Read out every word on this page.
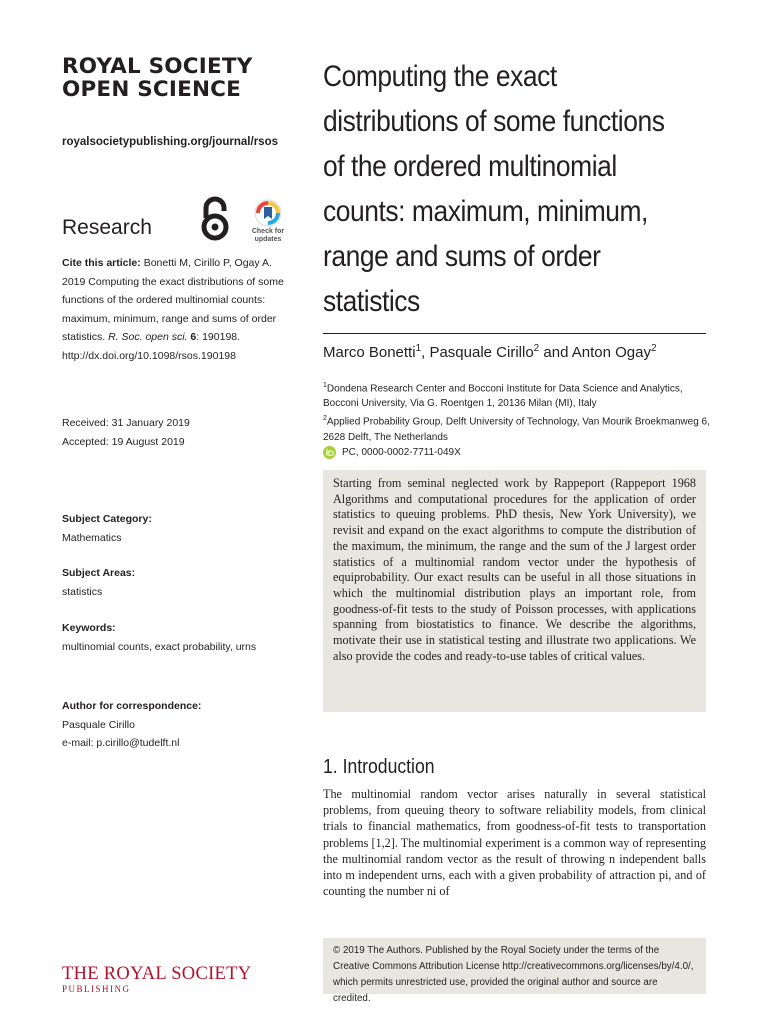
ROYAL SOCIETY
OPEN SCIENCE
royalsocietypublishing.org/journal/rsos
Research	Check for
updates
Cite this article: Bonetti M, Cirillo P, Ogay A. 2019 Computing the exact distributions of some functions of the ordered multinomial counts: maximum, minimum, range and sums of order statistics. R. Soc. open sci. 6: 190198. http://dx.doi.org/10.1098/rsos.190198
Received: 31 January 2019
Accepted: 19 August 2019
Subject Category:
Mathematics
Subject Areas:
statistics
Keywords:
multinomial counts, exact probability, urns
Author for correspondence:
Pasquale Cirillo
e-mail: p.cirillo@tudelft.nl
Computing the exact distributions of some functions of the ordered multinomial counts: maximum, minimum, range and sums of order statistics
Marco Bonetti$^1$, Pasquale Cirillo$^2$ and Anton Ogay$^2$
$^1$Dondena Research Center and Bocconi Institute for Data Science and Analytics, Bocconi University, Via G. Roentgen 1, 20136 Milan (MI), Italy
$^2$Applied Probability Group, Delft University of Technology, Van Mourik Broekmanweg 6, 2628 Delft, The Netherlands
PC, 0000-0002-7711-049X
Starting from seminal neglected work by Rappeport (Rappeport 1968 Algorithms and computational procedures for the application of order statistics to queuing problems. PhD thesis, New York University), we revisit and expand on the exact algorithms to compute the distribution of the maximum, the minimum, the range and the sum of the J largest order statistics of a multinomial random vector under the hypothesis of equiprobability. Our exact results can be useful in all those situations in which the multinomial distribution plays an important role, from goodness-of-fit tests to the study of Poisson processes, with applications spanning from biostatistics to finance. We describe the algorithms, motivate their use in statistical testing and illustrate two applications. We also provide the codes and ready-to-use tables of critical values.
1. Introduction
The multinomial random vector arises naturally in several statistical problems, from queuing theory to software reliability models, from clinical trials to financial mathematics, from goodness-of-fit tests to transportation problems [1,2]. The multinomial experiment is a common way of representing the multinomial random vector as the result of throwing n independent balls into m independent urns, each with a given probability of attraction pi, and of counting the number ni of
© 2019 The Authors. Published by the Royal Society under the terms of the Creative Commons Attribution License http://creativecommons.org/licenses/by/4.0/, which permits unrestricted use, provided the original author and source are credited.
THE ROYAL SOCIETY
PUBLISHING
